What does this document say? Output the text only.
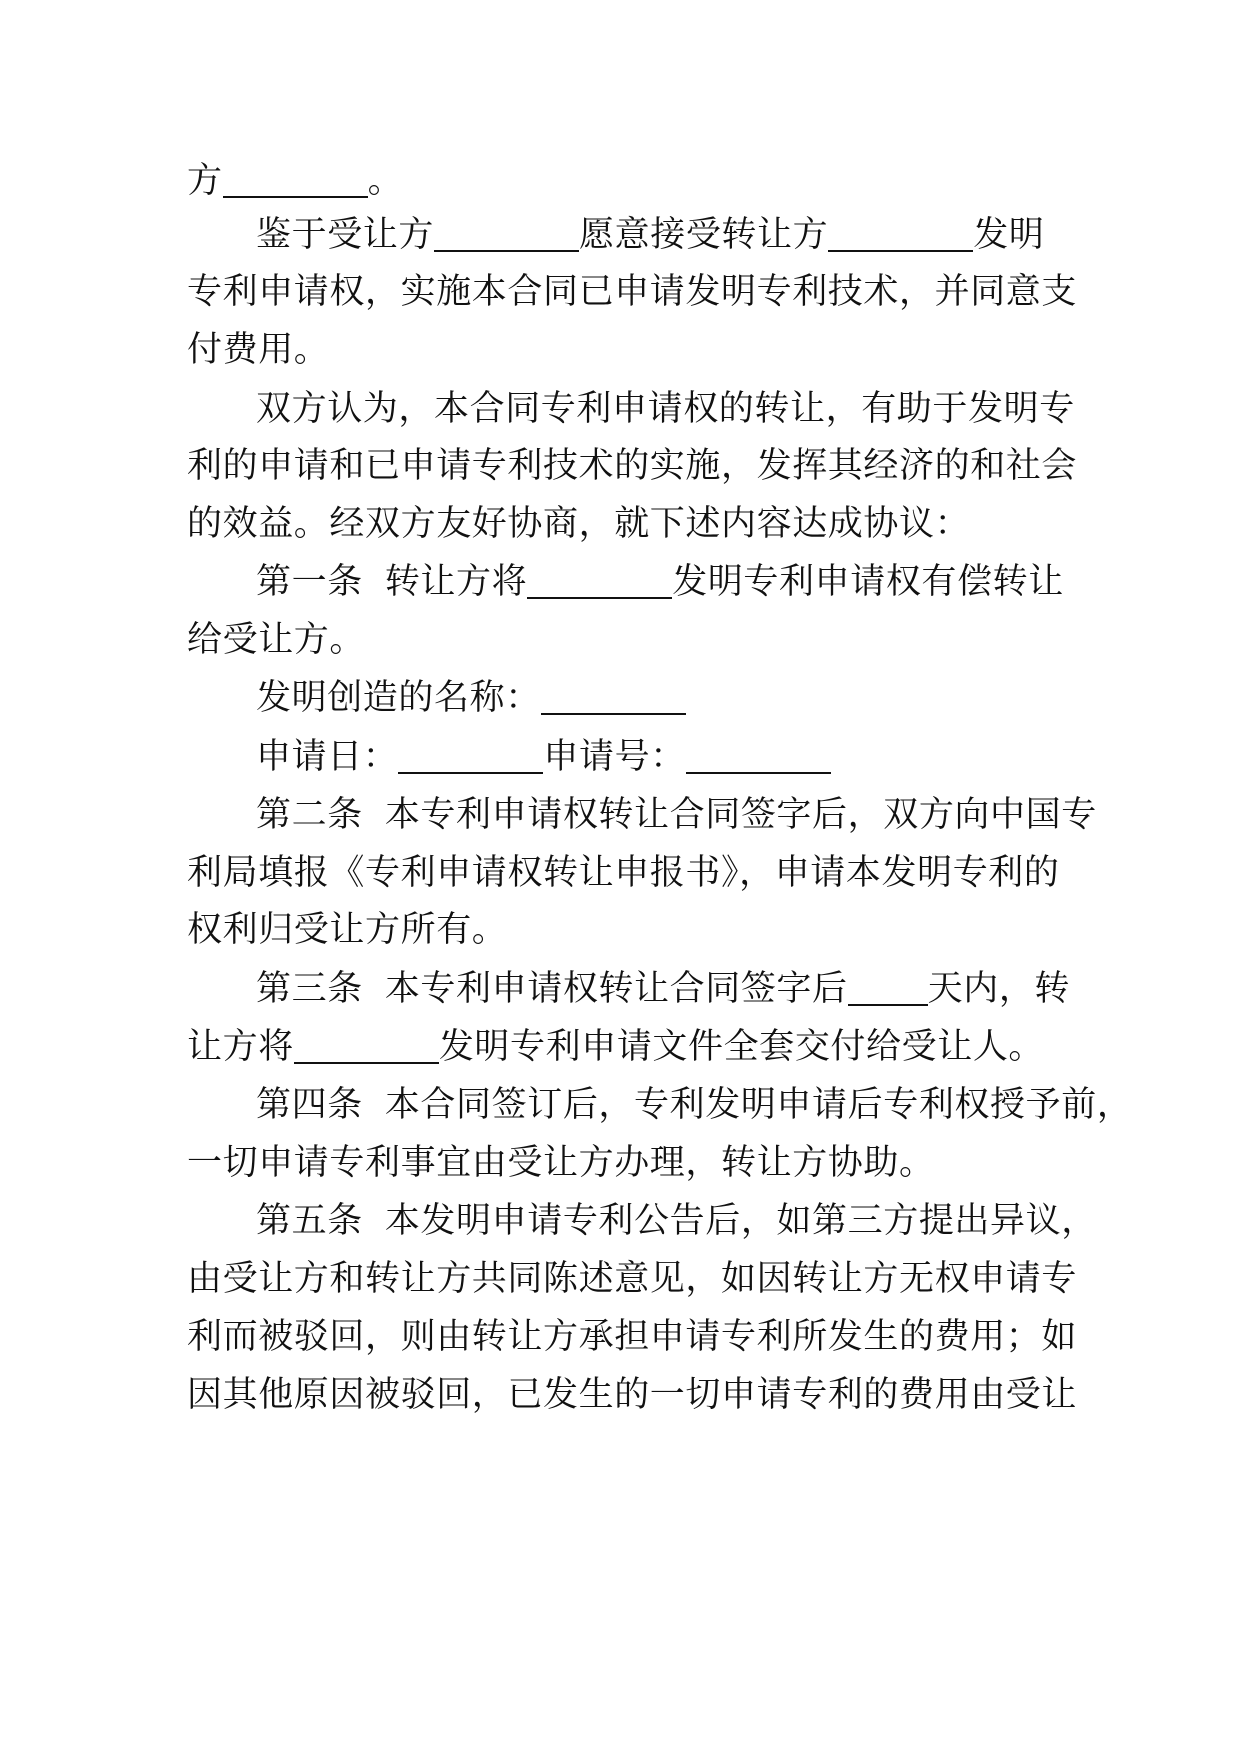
方	。
鉴于受让方	愿意接受转让方	发明
专利申请权，实施本合同已申请发明专利技术，并同意支
付费用。
双方认为，本合同专利申请权的转让，有助于发明专
利的申请和已申请专利技术的实施，发挥其经济的和社会
的效益。经双方友好协商，就下述内容达成协议：
第一条 转让方将	发明专利申请权有偿转让
给受让方。
发明创造的名称：
申请日：	申请号：
第二条 本专利申请权转让合同签字后，双方向中国专
利局填报《专利申请权转让申报书》，申请本发明专利的
权利归受让方所有。
第三条 本专利申请权转让合同签字后 天内，转
让方将	发明专利申请文件全套交付给受让人。
第四条 本合同签订后，专利发明申请后专利权授予前，
一切申请专利事宜由受让方办理，转让方协助。
第五条 本发明申请专利公告后，如第三方提出异议，
由受让方和转让方共同陈述意见，如因转让方无权申请专
利而被驳回，则由转让方承担申请专利所发生的费用；如
因其他原因被驳回，已发生的一切申请专利的费用由受让
